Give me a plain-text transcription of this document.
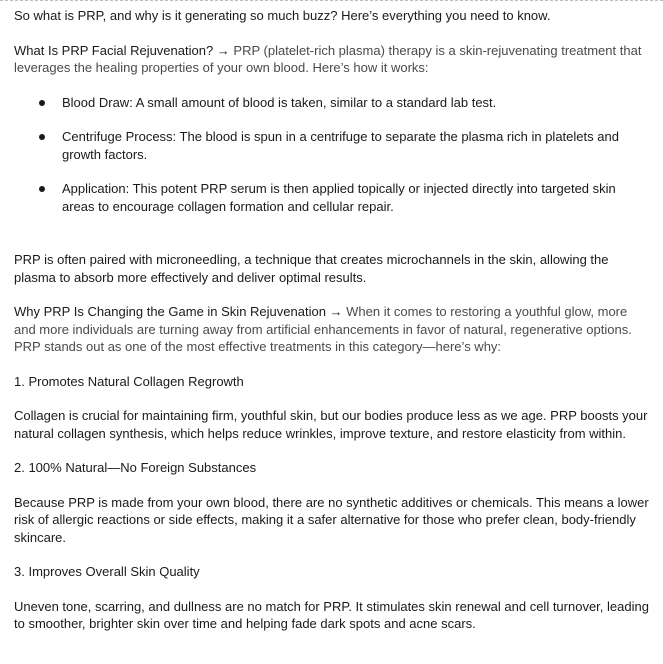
So what is PRP, and why is it generating so much buzz? Here’s everything you need to know.

What Is PRP Facial Rejuvenation? → PRP (platelet-rich plasma) therapy is a skin-rejuvenating treatment that leverages the healing properties of your own blood. Here’s how it works:

Blood Draw: A small amount of blood is taken, similar to a standard lab test.
Centrifuge Process: The blood is spun in a centrifuge to separate the plasma rich in platelets and growth factors.
Application: This potent PRP serum is then applied topically or injected directly into targeted skin areas to encourage collagen formation and cellular repair.

PRP is often paired with microneedling, a technique that creates microchannels in the skin, allowing the plasma to absorb more effectively and deliver optimal results.

Why PRP Is Changing the Game in Skin Rejuvenation → When it comes to restoring a youthful glow, more and more individuals are turning away from artificial enhancements in favor of natural, regenerative options. PRP stands out as one of the most effective treatments in this category—here’s why:

1. Promotes Natural Collagen Regrowth

Collagen is crucial for maintaining firm, youthful skin, but our bodies produce less as we age. PRP boosts your natural collagen synthesis, which helps reduce wrinkles, improve texture, and restore elasticity from within.

2. 100% Natural—No Foreign Substances

Because PRP is made from your own blood, there are no synthetic additives or chemicals. This means a lower risk of allergic reactions or side effects, making it a safer alternative for those who prefer clean, body-friendly skincare.

3. Improves Overall Skin Quality

Uneven tone, scarring, and dullness are no match for PRP. It stimulates skin renewal and cell turnover, leading to smoother, brighter skin over time and helping fade dark spots and acne scars.
